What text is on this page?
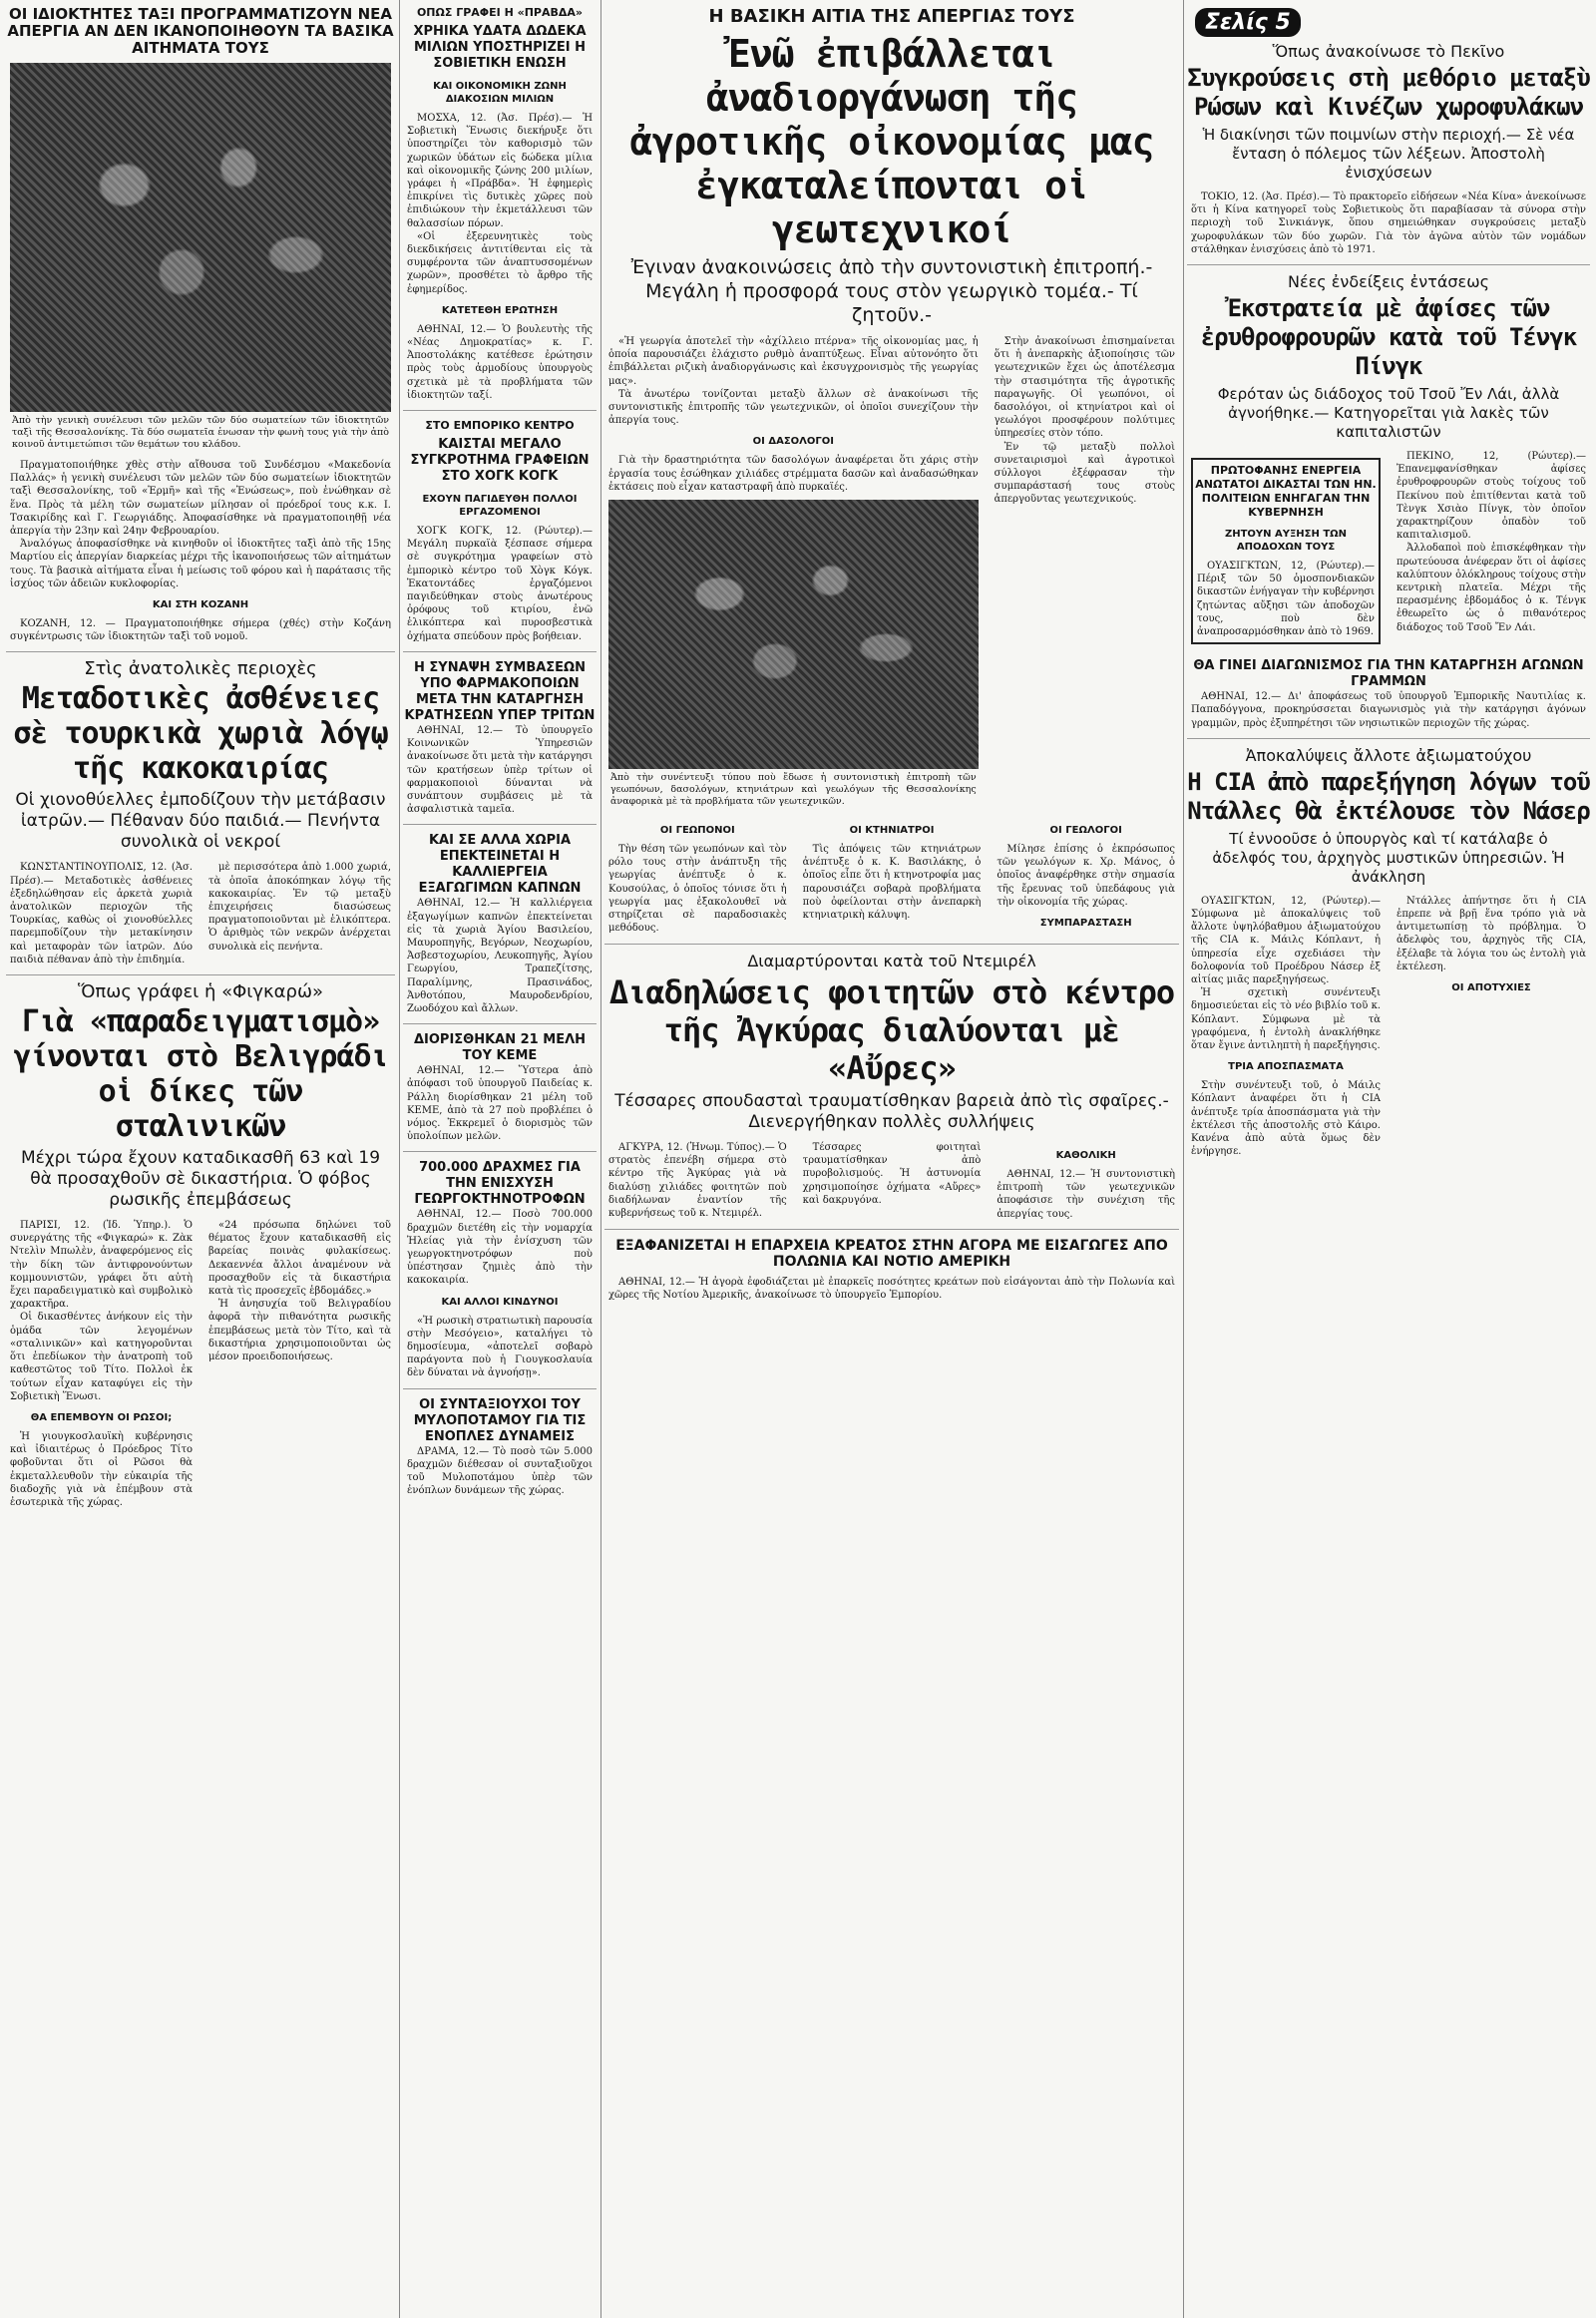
ΟΙ ΙΔΙΟΚΤΗΤΕΣ ΤΑΞΙ ΠΡΟΓΡΑΜΜΑΤΙΖΟΥΝ ΝΕΑ ΑΠΕΡΓΙΑ ΑΝ ΔΕΝ ΙΚΑΝΟΠΟΙΗΘΟΥΝ ΤΑ ΒΑΣΙΚΑ ΑΙΤΗΜΑΤΑ ΤΟΥΣ
Ἀπὸ τὴν γενικὴ συνέλευσι τῶν μελῶν τῶν δύο σωματείων τῶν ἰδιοκτητῶν ταξὶ τῆς Θεσσαλονίκης. Τὰ δύο σωματεῖα ἑνωσαν τὴν φωνὴ τους γιὰ τὴν ἀπὸ κοινοῦ ἀντιμετώπισι τῶν θεμάτων του κλάδου.

Πραγματοποιήθηκε χθὲς στὴν αἴθουσα τοῦ Συνδέσμου «Μακεδονία Παλλάς» ἡ γενικὴ συνέλευσι τῶν μελῶν τῶν δύο σωματείων ἰδιοκτητῶν ταξὶ Θεσσαλονίκης, τοῦ «Ἑρμῆ» καὶ τῆς «Ἑνώσεως», ποὺ ἑνώθηκαν σὲ ἕνα. Πρὸς τὰ μέλη τῶν σωματείων μίλησαν οἱ πρόεδροί τους κ.κ. Ι. Τσακιρίδης καὶ Γ. Γεωργιάδης. Ἀποφασίσθηκε νὰ πραγματοποιηθῇ νέα ἀπεργία τὴν 23ην καὶ 24ην Φεβρουαρίου.

Ἀναλόγως ἀποφασίσθηκε νὰ κινηθοῦν οἱ ἰδιοκτῆτες ταξὶ ἀπὸ τῆς 15ης Μαρτίου εἰς ἀπεργίαν διαρκείας μέχρι τῆς ἱκανοποιήσεως τῶν αἰτημάτων τους. Τὰ βασικὰ αἰτήματα εἶναι ἡ μείωσις τοῦ φόρου καὶ ἡ παράτασις τῆς ἰσχύος τῶν ἀδειῶν κυκλοφορίας.

ΚΑΙ ΣΤΗ ΚΟΖΑΝΗ

ΚΟΖΑΝΗ, 12. — Πραγματοποιήθηκε σήμερα (χθές) στὴν Κοζάνη συγκέντρωσις τῶν ἰδιοκτητῶν ταξὶ τοῦ νομοῦ.

Στὶς ἀνατολικὲς περιοχὲς
Μεταδοτικὲς ἀσθένειες σὲ τουρκικὰ χωριὰ λόγῳ τῆς κακοκαιρίας
Οἱ χιονοθύελλες ἐμποδίζουν τὴν μετάβασιν ἰατρῶν.— Πέθαναν δύο παιδιά.— Πενήντα συνολικὰ οἱ νεκροί

ΚΩΝΣΤΑΝΤΙΝΟΥΠΟΛΙΣ, 12. (Ἀσ. Πρέσ).— Μεταδοτικὲς ἀσθένειες ἐξεδηλώθησαν εἰς ἀρκετὰ χωριὰ ἀνατολικῶν περιοχῶν τῆς Τουρκίας, καθὼς οἱ χιονοθύελλες παρεμποδίζουν τὴν μετακίνησιν καὶ μεταφορὰν τῶν ἰατρῶν. Δύο παιδιὰ πέθαναν ἀπὸ τὴν ἐπιδημία.

μὲ περισσότερα ἀπὸ 1.000 χωριά, τὰ ὁποῖα ἀποκόπηκαν λόγῳ τῆς κακοκαιρίας. Ἐν τῷ μεταξὺ ἐπιχειρήσεις διασώσεως πραγματοποιοῦνται μὲ ἑλικόπτερα. Ὁ ἀριθμὸς τῶν νεκρῶν ἀνέρχεται συνολικὰ εἰς πενήντα.

Ὅπως γράφει ἡ «Φιγκαρώ»
Γιὰ «παραδειγματισμὸ» γίνονται στὸ Βελιγράδι οἱ δίκες τῶν σταλινικῶν
Μέχρι τώρα ἔχουν καταδικασθῆ 63 καὶ 19 θὰ προσαχθοῦν σὲ δικαστήρια. Ὁ φόβος ρωσικῆς ἐπεμβάσεως

ΠΑΡΙΣΙ, 12. (Ἱδ. Ὑπηρ.). Ὁ συνεργάτης τῆς «Φιγκαρώ» κ. Ζὰκ Ντελὶν Μπωλὲν, ἀναφερόμενος εἰς τὴν δίκη τῶν ἀντιφρονούντων κομμουνιστῶν, γράφει ὅτι αὐτὴ ἔχει παραδειγματικὸ καὶ συμβολικὸ χαρακτῆρα.

Οἱ δικασθέντες ἀνήκουν εἰς τὴν ὁμάδα τῶν λεγομένων «σταλινικῶν» καὶ κατηγοροῦνται ὅτι ἐπεδίωκον τὴν ἀνατροπὴ τοῦ καθεστῶτος τοῦ Τίτο. Πολλοὶ ἐκ τούτων εἶχαν καταφύγει εἰς τὴν Σοβιετικὴ Ἕνωσι.

ΘΑ ΕΠΕΜΒΟΥΝ ΟΙ ΡΩΣΟΙ;

Ἡ γιουγκοσλαυϊκὴ κυβέρνησις καὶ ἰδιαιτέρως ὁ Πρόεδρος Τίτο φοβοῦνται ὅτι οἱ Ρῶσοι θὰ ἐκμεταλλευθοῦν τὴν εὐκαιρία τῆς διαδοχῆς γιὰ νὰ ἐπέμβουν στὰ ἐσωτερικὰ τῆς χώρας.

«24 πρόσωπα δηλώνει τοῦ θέματος ἔχουν καταδικασθῆ εἰς βαρείας ποινὰς φυλακίσεως. Δεκαεννέα ἄλλοι ἀναμένουν νὰ προσαχθοῦν εἰς τὰ δικαστήρια κατὰ τὶς προσεχεῖς ἑβδομάδες.»

Ἡ ἀνησυχία τοῦ Βελιγραδίου ἀφορᾶ τὴν πιθανότητα ρωσικῆς ἐπεμβάσεως μετὰ τὸν Τίτο, καὶ τὰ δικαστήρια χρησιμοποιοῦνται ὡς μέσον προειδοποιήσεως.

ΟΠΩΣ ΓΡΑΦΕΙ Η «ΠΡΑΒΔΑ»
ΧΡΗΙΚΑ ΥΔΑΤΑ ΔΩΔΕΚΑ ΜΙΛΙΩΝ ΥΠΟΣΤΗΡΙΖΕΙ Η ΣΟΒΙΕΤΙΚΗ ΕΝΩΣΗ
ΚΑΙ ΟΙΚΟΝΟΜΙΚΗ ΖΩΝΗ ΔΙΑΚΟΣΙΩΝ ΜΙΛΙΩΝ

ΜΟΣΧΑ, 12. (Ἀσ. Πρέσ).— Ἡ Σοβιετικὴ Ἕνωσις διεκήρυξε ὅτι ὑποστηρίζει τὸν καθορισμὸ τῶν χωρικῶν ὑδάτων εἰς δώδεκα μίλια καὶ οἰκονομικῆς ζώνης 200 μιλίων, γράφει ἡ «Πράβδα». Ἡ ἐφημερὶς ἐπικρίνει τὶς δυτικὲς χῶρες ποὺ ἐπιδιώκουν τὴν ἐκμετάλλευσι τῶν θαλασσίων πόρων.

«Οἱ ἐξερευνητικὲς τοὺς διεκδικήσεις ἀντιτίθενται εἰς τὰ συμφέροντα τῶν ἀναπτυσσομένων χωρῶν», προσθέτει τὸ ἄρθρο τῆς ἐφημερίδος.

ΚΑΤΕΤΕΘΗ ΕΡΩΤΗΣΗ

ΑΘΗΝΑΙ, 12.— Ὁ βουλευτὴς τῆς «Νέας Δημοκρατίας» κ. Γ. Ἀποστολάκης κατέθεσε ἐρώτησιν πρὸς τοὺς ἁρμοδίους ὑπουργοὺς σχετικὰ μὲ τὰ προβλήματα τῶν ἰδιοκτητῶν ταξί.

ΣΤΟ ΕΜΠΟΡΙΚΟ ΚΕΝΤΡΟ
ΚΑΙΣΤΑΙ ΜΕΓΑΛΟ ΣΥΓΚΡΟΤΗΜΑ ΓΡΑΦΕΙΩΝ ΣΤΟ ΧΟΓΚ ΚΟΓΚ
ΕΧΟΥΝ ΠΑΓΙΔΕΥΘΗ ΠΟΛΛΟΙ ΕΡΓΑΖΟΜΕΝΟΙ

ΧΟΓΚ ΚΟΓΚ, 12. (Ρώυτερ).— Μεγάλη πυρκαϊὰ ξέσπασε σήμερα σὲ συγκρότημα γραφείων στὸ ἐμπορικὸ κέντρο τοῦ Χὸγκ Κόγκ. Ἑκατοντάδες ἐργαζόμενοι παγιδεύθηκαν στοὺς ἀνωτέρους ὀρόφους τοῦ κτιρίου, ἐνῶ ἑλικόπτερα καὶ πυροσβεστικὰ ὀχήματα σπεύδουν πρὸς βοήθειαν.

Η ΣΥΝΑΨΗ ΣΥΜΒΑΣΕΩΝ ΥΠΟ ΦΑΡΜΑΚΟΠΟΙΩΝ ΜΕΤΑ ΤΗΝ ΚΑΤΑΡΓΗΣΗ ΚΡΑΤΗΣΕΩΝ ΥΠΕΡ ΤΡΙΤΩΝ

ΑΘΗΝΑΙ, 12.— Τὸ ὑπουργεῖο Κοινωνικῶν Ὑπηρεσιῶν ἀνακοίνωσε ὅτι μετὰ τὴν κατάργησι τῶν κρατήσεων ὑπὲρ τρίτων οἱ φαρμακοποιοὶ δύνανται νὰ συνάπτουν συμβάσεις μὲ τὰ ἀσφαλιστικὰ ταμεῖα.

ΚΑΙ ΣΕ ΑΛΛΑ ΧΩΡΙΑ ΕΠΕΚΤΕΙΝΕΤΑΙ Η ΚΑΛΛΙΕΡΓΕΙΑ ΕΞΑΓΩΓΙΜΩΝ ΚΑΠΝΩΝ

ΑΘΗΝΑΙ, 12.— Ἡ καλλιέργεια ἐξαγωγίμων καπνῶν ἐπεκτείνεται εἰς τὰ χωριὰ Ἁγίου Βασιλείου, Μαυροπηγῆς, Βεγόρων, Νεοχωρίου, Ἀσβεστοχωρίου, Λευκοπηγῆς, Ἀγίου Γεωργίου, Τραπεζίτσης, Παραλίμνης, Πρασινάδος, Ἀνθοτόπου, Μαυροδενδρίου, Ζωοδόχου καὶ ἄλλων.

ΔΙΟΡΙΣΘΗΚΑΝ 21 ΜΕΛΗ ΤΟΥ ΚΕΜΕ

ΑΘΗΝΑΙ, 12.— Ὕστερα ἀπὸ ἀπόφασι τοῦ ὑπουργοῦ Παιδείας κ. Ράλλη διορίσθηκαν 21 μέλη τοῦ ΚΕΜΕ, ἀπὸ τὰ 27 ποὺ προβλέπει ὁ νόμος. Ἐκκρεμεῖ ὁ διορισμὸς τῶν ὑπολοίπων μελῶν.

700.000 ΔΡΑΧΜΕΣ ΓΙΑ ΤΗΝ ΕΝΙΣΧΥΣΗ ΓΕΩΡΓΟΚΤΗΝΟΤΡΟΦΩΝ

ΑΘΗΝΑΙ, 12.— Ποσὸ 700.000 δραχμῶν διετέθη εἰς τὴν νομαρχία Ἠλείας γιὰ τὴν ἐνίσχυση τῶν γεωργοκτηνοτρόφων ποὺ ὑπέστησαν ζημιὲς ἀπὸ τὴν κακοκαιρία.

ΚΑΙ ΑΛΛΟΙ ΚΙΝΔΥΝΟΙ

«Ἡ ρωσικὴ στρατιωτικὴ παρουσία στὴν Μεσόγειο», καταλήγει τὸ δημοσίευμα, «ἀποτελεῖ σοβαρὸ παράγοντα ποὺ ἡ Γιουγκοσλαυία δὲν δύναται νὰ ἀγνοήσῃ».

ΟΙ ΣΥΝΤΑΞΙΟΥΧΟΙ ΤΟΥ ΜΥΛΟΠΟΤΑΜΟΥ ΓΙΑ ΤΙΣ ΕΝΟΠΛΕΣ ΔΥΝΑΜΕΙΣ

ΔΡΑΜΑ, 12.— Τὸ ποσὸ τῶν 5.000 δραχμῶν διέθεσαν οἱ συνταξιοῦχοι τοῦ Μυλοποτάμου ὑπὲρ τῶν ἐνόπλων δυνάμεων τῆς χώρας.

Η ΒΑΣΙΚΗ ΑΙΤΙΑ ΤΗΣ ΑΠΕΡΓΙΑΣ ΤΟΥΣ
Ἐνῶ ἐπιβάλλεται ἀναδιοργάνωση τῆς ἀγροτικῆς οἰκονομίας μας ἐγκαταλείπονται οἱ γεωτεχνικοί
Ἐγιναν ἀνακοινώσεις ἀπὸ τὴν συντονιστικὴ ἐπιτροπή.- Μεγάλη ἡ προσφορά τους στὸν γεωργικὸ τομέα.- Τί ζητοῦν.-

«Ἡ γεωργία ἀποτελεῖ τὴν «ἀχίλλειο πτέρνα» τῆς οἰκονομίας μας, ἡ ὁποία παρουσιάζει ἐλάχιστο ρυθμὸ ἀναπτύξεως. Εἶναι αὐτονόητο ὅτι ἐπιβάλλεται ριζικὴ ἀναδιοργάνωσις καὶ ἐκσυγχρονισμὸς τῆς γεωργίας μας».

Τὰ ἀνωτέρω τονίζονται μεταξὺ ἄλλων σὲ ἀνακοίνωσι τῆς συντονιστικῆς ἐπιτροπῆς τῶν γεωτεχνικῶν, οἱ ὁποῖοι συνεχίζουν τὴν ἀπεργία τους.

ΟΙ ΔΑΣΟΛΟΓΟΙ

Γιὰ τὴν δραστηριότητα τῶν δασολόγων ἀναφέρεται ὅτι χάρις στὴν ἐργασία τους ἐσώθηκαν χιλιάδες στρέμματα δασῶν καὶ ἀναδασώθηκαν ἐκτάσεις ποὺ εἶχαν καταστραφῆ ἀπὸ πυρκαϊές.

Ἀπὸ τὴν συνέντευξι τύπου ποὺ ἔδωσε ἡ συντονιστικὴ ἐπιτροπὴ τῶν γεωπόνων, δασολόγων, κτηνιάτρων καὶ γεωλόγων τῆς Θεσσαλονίκης ἀναφορικὰ μὲ τὰ προβλήματα τῶν γεωτεχνικῶν.

Στὴν ἀνακοίνωσι ἐπισημαίνεται ὅτι ἡ ἀνεπαρκὴς ἀξιοποίησις τῶν γεωτεχνικῶν ἔχει ὡς ἀποτέλεσμα τὴν στασιμότητα τῆς ἀγροτικῆς παραγωγῆς. Οἱ γεωπόνοι, οἱ δασολόγοι, οἱ κτηνίατροι καὶ οἱ γεωλόγοι προσφέρουν πολύτιμες ὑπηρεσίες στὸν τόπο.

Ἐν τῷ μεταξὺ πολλοὶ συνεταιρισμοὶ καὶ ἀγροτικοὶ σύλλογοι ἐξέφρασαν τὴν συμπαράστασή τους στοὺς ἀπεργοῦντας γεωτεχνικούς.

ΟΙ ΓΕΩΠΟΝΟΙ

Τὴν θέση τῶν γεωπόνων καὶ τὸν ρόλο τους στὴν ἀνάπτυξη τῆς γεωργίας ἀνέπτυξε ὁ κ. Κουσούλας, ὁ ὁποῖος τόνισε ὅτι ἡ γεωργία μας ἐξακολουθεῖ νὰ στηρίζεται σὲ παραδοσιακὲς μεθόδους.

ΟΙ ΚΤΗΝΙΑΤΡΟΙ

Τὶς ἀπόψεις τῶν κτηνιάτρων ἀνέπτυξε ὁ κ. Κ. Βασιλάκης, ὁ ὁποῖος εἶπε ὅτι ἡ κτηνοτροφία μας παρουσιάζει σοβαρὰ προβλήματα ποὺ ὀφείλονται στὴν ἀνεπαρκὴ κτηνιατρικὴ κάλυψη.

ΟΙ ΓΕΩΛΟΓΟΙ

Μίλησε ἐπίσης ὁ ἐκπρόσωπος τῶν γεωλόγων κ. Χρ. Μάνος, ὁ ὁποῖος ἀναφέρθηκε στὴν σημασία τῆς ἔρευνας τοῦ ὑπεδάφους γιὰ τὴν οἰκονομία τῆς χώρας.

ΣΥΜΠΑΡΑΣΤΑΣΗ
Διαμαρτύρονται κατὰ τοῦ Ντεμιρέλ
Διαδηλώσεις φοιτητῶν στὸ κέντρο τῆς Ἀγκύρας διαλύονται μὲ «Αὔρες»
Τέσσαρες σπουδασταὶ τραυματίσθηκαν βαρειὰ ἀπὸ τὶς σφαῖρες.- Διενεργήθηκαν πολλὲς συλλήψεις

ΑΓΚΥΡΑ, 12. (Ἡνωμ. Τύπος).— Ὁ στρατὸς ἐπενέβη σήμερα στὸ κέντρο τῆς Ἀγκύρας γιὰ νὰ διαλύσῃ χιλιάδες φοιτητῶν ποὺ διαδήλωναν ἐναντίον τῆς κυβερνήσεως τοῦ κ. Ντεμιρέλ.

Τέσσαρες φοιτηταὶ τραυματίσθηκαν ἀπὸ πυροβολισμούς. Ἡ ἀστυνομία χρησιμοποίησε ὀχήματα «Αὔρες» καὶ δακρυγόνα.

ΚΑΘΟΛΙΚΗ

ΑΘΗΝΑΙ, 12.— Ἡ συντονιστικὴ ἐπιτροπὴ τῶν γεωτεχνικῶν ἀποφάσισε τὴν συνέχιση τῆς ἀπεργίας τους.

ΕΞΑΦΑΝΙΖΕΤΑΙ Η ΕΠΑΡΧΕΙΑ ΚΡΕΑΤΟΣ ΣΤΗΝ ΑΓΟΡΑ ΜΕ ΕΙΣΑΓΩΓΕΣ ΑΠΟ ΠΟΛΩΝΙΑ ΚΑΙ ΝΟΤΙΟ ΑΜΕΡΙΚΗ

ΑΘΗΝΑΙ, 12.— Ἡ ἀγορὰ ἐφοδιάζεται μὲ ἐπαρκεῖς ποσότητες κρεάτων ποὺ εἰσάγονται ἀπὸ τὴν Πολωνία καὶ χῶρες τῆς Νοτίου Ἀμερικῆς, ἀνακοίνωσε τὸ ὑπουργεῖο Ἐμπορίου.

Σελίς 5
Ὅπως ἀνακοίνωσε τὸ Πεκῖνο
Συγκρούσεις στὴ μεθόριο μεταξὺ Ρώσων καὶ Κινέζων χωροφυλάκων
Ἡ διακίνησι τῶν ποιμνίων στὴν περιοχή.— Σὲ νέα ἔνταση ὁ πόλεμος τῶν λέξεων. Ἀποστολὴ ἐνισχύσεων

ΤΟΚΙΟ, 12. (Ἀσ. Πρέσ).— Τὸ πρακτορεῖο εἰδήσεων «Νέα Κίνα» ἀνεκοίνωσε ὅτι ἡ Κίνα κατηγορεῖ τοὺς Σοβιετικοὺς ὅτι παραβίασαν τὰ σύνορα στὴν περιοχὴ τοῦ Σινκιάνγκ, ὅπου σημειώθηκαν συγκρούσεις μεταξὺ χωροφυλάκων τῶν δύο χωρῶν. Γιὰ τὸν ἀγῶνα αὐτὸν τῶν νομάδων στάλθηκαν ἐνισχύσεις ἀπὸ τὸ 1971.

Νέες ἐνδείξεις ἐντάσεως
Ἐκστρατεία μὲ ἀφίσες τῶν ἐρυθροφρουρῶν κατὰ τοῦ Τένγκ Πίνγκ
Φερόταν ὡς διάδοχος τοῦ Τσοῦ Ἔν Λάι, ἀλλὰ ἀγνοήθηκε.— Κατηγορεῖται γιὰ λακὲς τῶν καπιταλιστῶν
ΠΡΩΤΟΦΑΝΗΣ ΕΝΕΡΓΕΙΑ ΑΝΩΤΑΤΟΙ ΔΙΚΑΣΤΑΙ ΤΩΝ ΗΝ. ΠΟΛΙΤΕΙΩΝ ΕΝΗΓΑΓΑΝ ΤΗΝ ΚΥΒΕΡΝΗΣΗ
ΖΗΤΟΥΝ ΑΥΞΗΣΗ ΤΩΝ ΑΠΟΔΟΧΩΝ ΤΟΥΣ

ΟΥΑΣΙΓΚΤΩΝ, 12, (Ρώυτερ).— Πέριξ τῶν 50 ὁμοσπονδιακῶν δικαστῶν ἐνήγαγαν τὴν κυβέρνησι ζητώντας αὔξησι τῶν ἀποδοχῶν τους, ποὺ δὲν ἀναπροσαρμόσθηκαν ἀπὸ τὸ 1969.

ΠΕΚΙΝΟ, 12, (Ρώυτερ).— Ἐπανεμφανίσθηκαν ἀφίσες ἐρυθροφρουρῶν στοὺς τοίχους τοῦ Πεκίνου ποὺ ἐπιτίθενται κατὰ τοῦ Τὲνγκ Χσιὰο Πίνγκ, τὸν ὁποῖον χαρακτηρίζουν ὀπαδὸν τοῦ καπιταλισμοῦ.

Ἀλλοδαποὶ ποὺ ἐπισκέφθηκαν τὴν πρωτεύουσα ἀνέφεραν ὅτι οἱ ἀφίσες καλύπτουν ὁλόκληρους τοίχους στὴν κεντρικὴ πλατεῖα. Μέχρι τῆς περασμένης ἑβδομάδος ὁ κ. Τένγκ ἐθεωρεῖτο ὡς ὁ πιθανότερος διάδοχος τοῦ Τσοῦ Ἔν Λάι.

ΘΑ ΓΙΝΕΙ ΔΙΑΓΩΝΙΣΜΟΣ ΓΙΑ ΤΗΝ ΚΑΤΑΡΓΗΣΗ ΑΓΩΝΩΝ ΓΡΑΜΜΩΝ

ΑΘΗΝΑΙ, 12.— Δι' ἀποφάσεως τοῦ ὑπουργοῦ Ἐμπορικῆς Ναυτιλίας κ. Παπαδόγγονα, προκηρύσσεται διαγωνισμὸς γιὰ τὴν κατάργησι ἀγόνων γραμμῶν, πρὸς ἐξυπηρέτησι τῶν νησιωτικῶν περιοχῶν τῆς χώρας.

Ἀποκαλύψεις ἄλλοτε ἀξιωματούχου
Η CIA ἀπὸ παρεξήγηση λόγων τοῦ Ντάλλες θὰ ἐκτέλουσε τὸν Νάσερ
Τί ἐννοοῦσε ὁ ὑπουργὸς καὶ τί κατάλαβε ὁ ἀδελφός του, ἀρχηγὸς μυστικῶν ὑπηρεσιῶν. Ἡ ἀνάκληση

ΟΥΑΣΙΓΚΤΩΝ, 12, (Ρώυτερ).— Σύμφωνα μὲ ἀποκαλύψεις τοῦ ἄλλοτε ὑψηλόβαθμου ἀξιωματούχου τῆς CIA κ. Μάιλς Κόπλαντ, ἡ ὑπηρεσία εἶχε σχεδιάσει τὴν δολοφονία τοῦ Προέδρου Νάσερ ἐξ αἰτίας μιᾶς παρεξηγήσεως.

Ἡ σχετικὴ συνέντευξι δημοσιεύεται εἰς τὸ νέο βιβλίο τοῦ κ. Κόπλαντ. Σύμφωνα μὲ τὰ γραφόμενα, ἡ ἐντολὴ ἀνακλήθηκε ὅταν ἔγινε ἀντιληπτὴ ἡ παρεξήγησις.

ΤΡΙΑ ΑΠΟΣΠΑΣΜΑΤΑ

Στὴν συνέντευξι τοῦ, ὁ Μάιλς Κόπλαντ ἀναφέρει ὅτι ἡ CIA ἀνέπτυξε τρία ἀποσπάσματα γιὰ τὴν ἐκτέλεσι τῆς ἀποστολῆς στὸ Κάιρο. Κανένα ἀπὸ αὐτὰ ὅμως δὲν ἐνήργησε.

Ντάλλες ἀπήντησε ὅτι ἡ CIA ἐπρεπε νὰ βρῇ ἕνα τρόπο γιὰ νὰ ἀντιμετωπίσῃ τὸ πρόβλημα. Ὁ ἀδελφὸς του, ἀρχηγὸς τῆς CIA, ἐξέλαβε τὰ λόγια του ὡς ἐντολὴ γιὰ ἐκτέλεση.

ΟΙ ΑΠΟΤΥΧΙΕΣ
